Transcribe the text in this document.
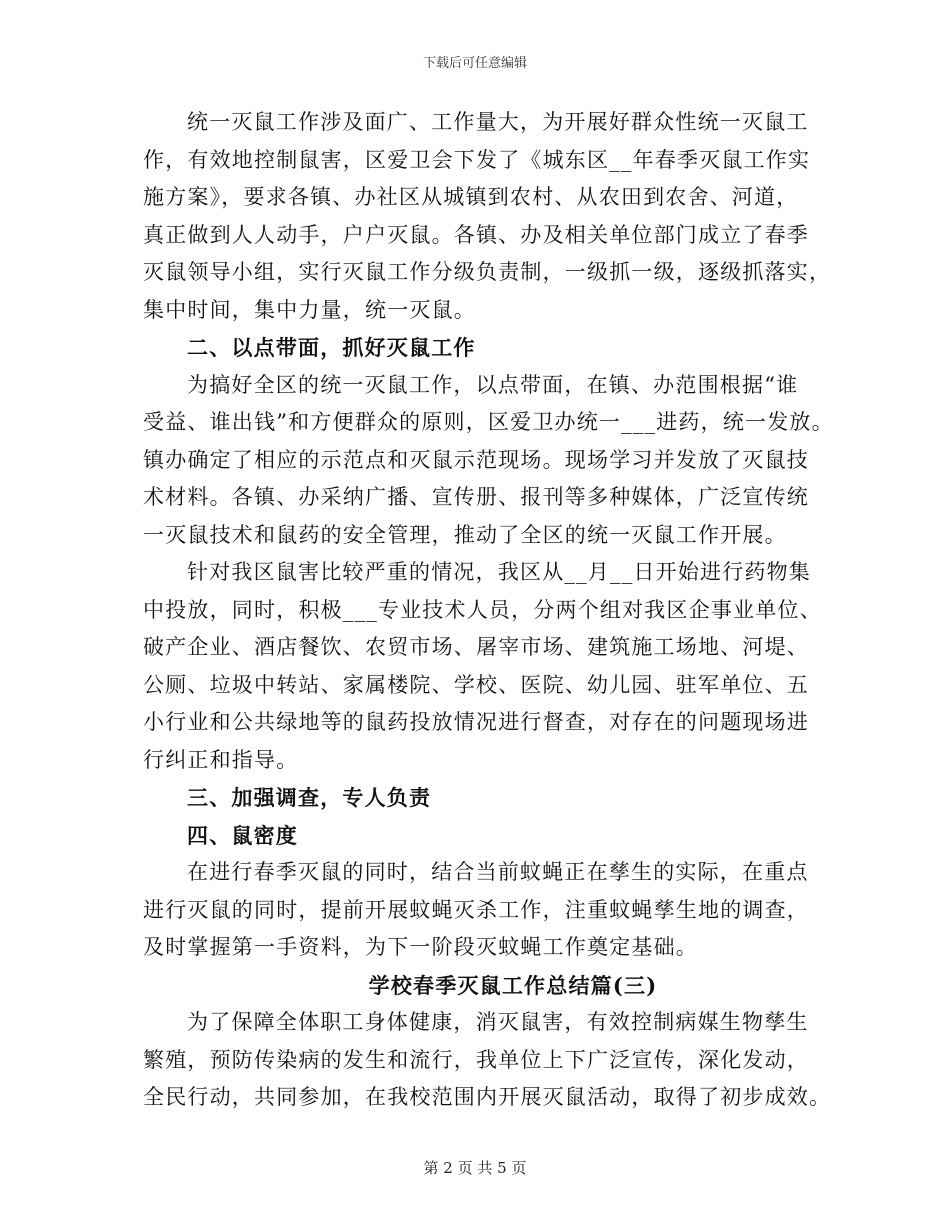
下载后可任意编辑
统一灭鼠工作涉及面广、工作量大，为开展好群众性统一灭鼠工
作，有效地控制鼠害，区爱卫会下发了《城东区__年春季灭鼠工作实
施方案》，要求各镇、办社区从城镇到农村、从农田到农舍、河道，
真正做到人人动手，户户灭鼠。各镇、办及相关单位部门成立了春季
灭鼠领导小组，实行灭鼠工作分级负责制，一级抓一级，逐级抓落实，
集中时间，集中力量，统一灭鼠。
二、以点带面，抓好灭鼠工作
为搞好全区的统一灭鼠工作，以点带面，在镇、办范围根据“谁
受益、谁出钱”和方便群众的原则，区爱卫办统一___进药，统一发放。
镇办确定了相应的示范点和灭鼠示范现场。现场学习并发放了灭鼠技
术材料。各镇、办采纳广播、宣传册、报刊等多种媒体，广泛宣传统
一灭鼠技术和鼠药的安全管理，推动了全区的统一灭鼠工作开展。
针对我区鼠害比较严重的情况，我区从__月__日开始进行药物集
中投放，同时，积极___专业技术人员，分两个组对我区企事业单位、
破产企业、酒店餐饮、农贸市场、屠宰市场、建筑施工场地、河堤、
公厕、垃圾中转站、家属楼院、学校、医院、幼儿园、驻军单位、五
小行业和公共绿地等的鼠药投放情况进行督查，对存在的问题现场进
行纠正和指导。
三、加强调查，专人负责
四、鼠密度
在进行春季灭鼠的同时，结合当前蚊蝇正在孳生的实际，在重点
进行灭鼠的同时，提前开展蚊蝇灭杀工作，注重蚊蝇孳生地的调查，
及时掌握第一手资料，为下一阶段灭蚊蝇工作奠定基础。
学校春季灭鼠工作总结篇(三)
为了保障全体职工身体健康，消灭鼠害，有效控制病媒生物孳生
繁殖，预防传染病的发生和流行，我单位上下广泛宣传，深化发动，
全民行动，共同参加，在我校范围内开展灭鼠活动，取得了初步成效。
第 2 页 共 5 页
